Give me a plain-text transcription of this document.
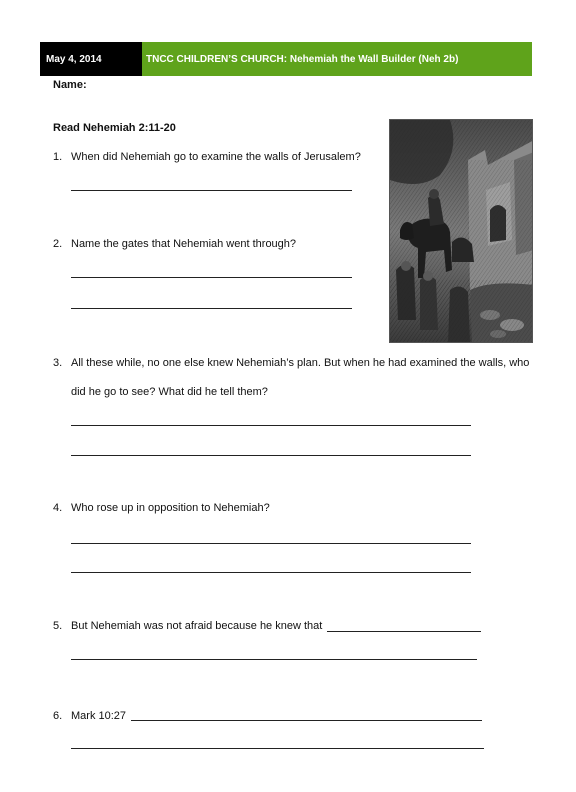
May 4, 2014	TNCC CHILDREN’S CHURCH: Nehemiah the Wall Builder (Neh 2b)
Name:
Read Nehemiah 2:11-20
1. When did Nehemiah go to examine the walls of Jerusalem?
2. Name the gates that Nehemiah went through?
3. All these while, no one else knew Nehemiah’s plan. But when he had examined the walls, who
did he go to see? What did he tell them?
4. Who rose up in opposition to Nehemiah?
5. But Nehemiah was not afraid because he knew that
6. Mark 10:27
